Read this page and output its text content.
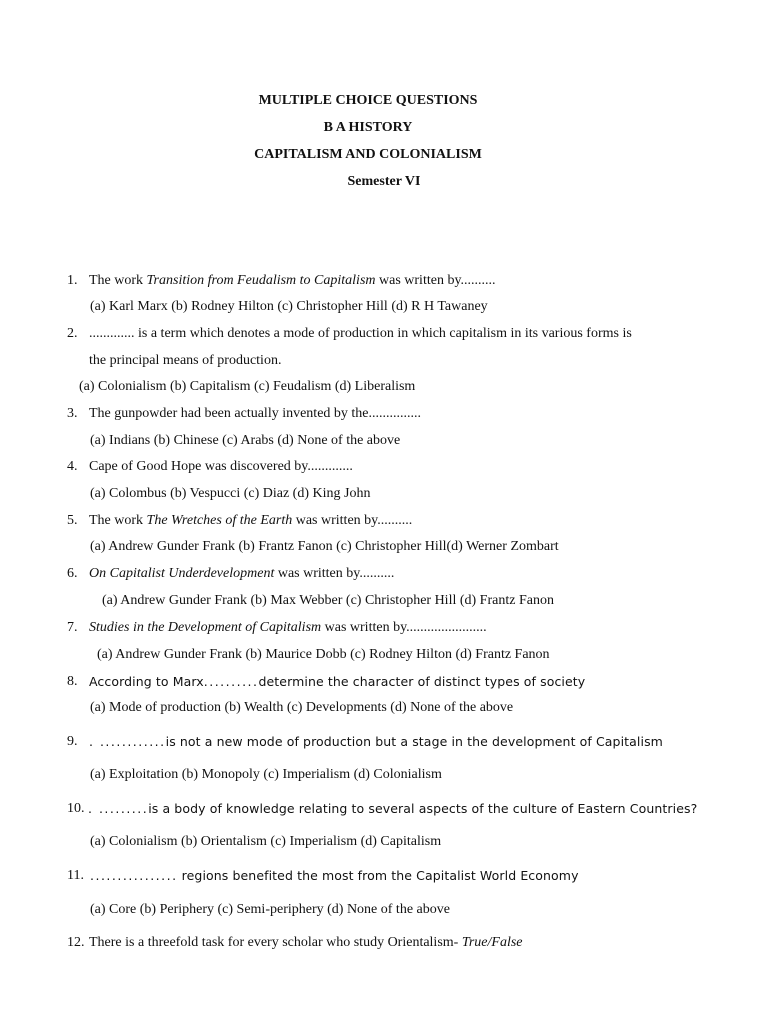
MULTIPLE CHOICE QUESTIONS
B A HISTORY
CAPITALISM AND COLONIALISM
Semester VI
1. The work Transition from Feudalism to Capitalism was written by..........
(a) Karl Marx (b) Rodney Hilton (c) Christopher Hill (d) R H Tawaney
2. ............. is a term which denotes a mode of production in which capitalism in its various forms is
the principal means of production.
(a) Colonialism (b) Capitalism (c) Feudalism (d) Liberalism
3. The gunpowder had been actually invented by the...............
(a) Indians (b) Chinese (c) Arabs (d) None of the above
4. Cape of Good Hope was discovered by.............
(a) Colombus (b) Vespucci (c) Diaz (d) King John
5. The work The Wretches of the Earth was written by..........
(a) Andrew Gunder Frank (b) Frantz Fanon (c) Christopher Hill(d) Werner Zombart
6. On Capitalist Underdevelopment was written by..........
(a) Andrew Gunder Frank (b) Max Webber (c) Christopher Hill (d) Frantz Fanon
7. Studies in the Development of Capitalism was written by.......................
(a) Andrew Gunder Frank (b) Maurice Dobb (c) Rodney Hilton (d) Frantz Fanon
8. According to Marx..........determine the character of distinct types of society
(a) Mode of production (b) Wealth (c) Developments (d) None of the above
9. . ............is not a new mode of production but a stage in the development of Capitalism
(a) Exploitation (b) Monopoly (c) Imperialism (d) Colonialism
10. . .........is a body of knowledge relating to several aspects of the culture of Eastern Countries?
(a) Colonialism (b) Orientalism (c) Imperialism (d) Capitalism
11. ................ regions benefited the most from the Capitalist World Economy
(a) Core (b) Periphery (c) Semi-periphery (d) None of the above
12. There is a threefold task for every scholar who study Orientalism- True/False
